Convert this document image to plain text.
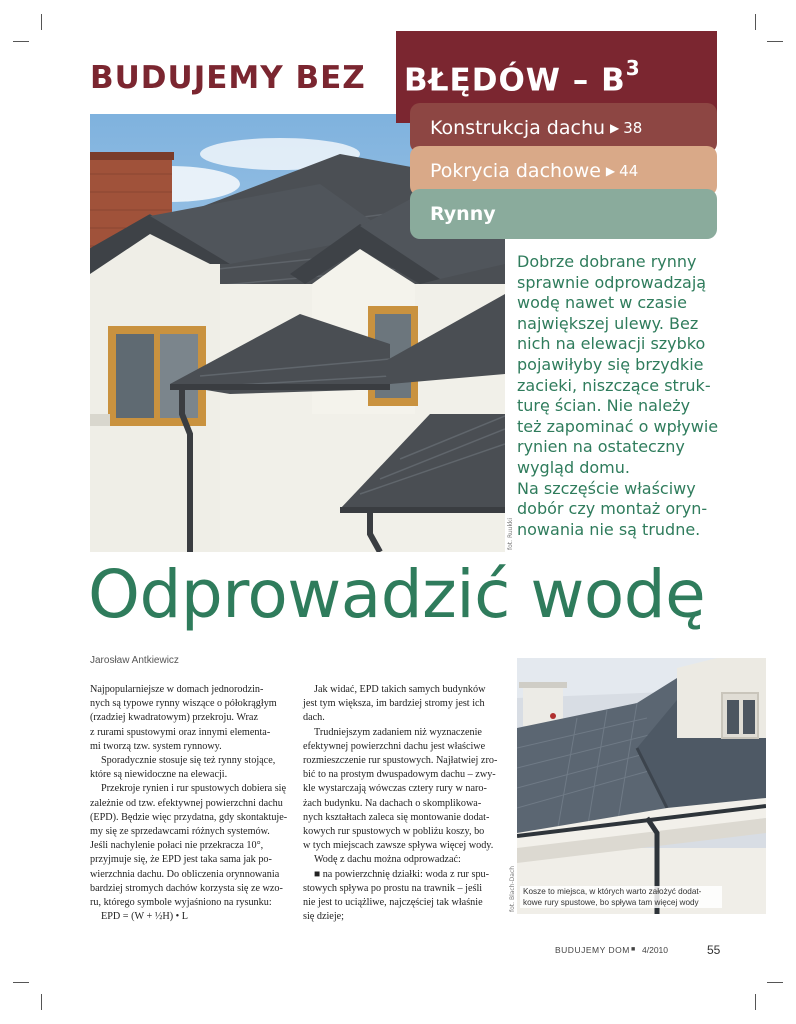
fot. Ruukki
BUDUJEMY BEZ BŁĘDÓW – $B^3$
Konstrukcja dachu ▶ 38
Pokrycia dachowe ▶ 44
Rynny
Dobrze dobrane rynny
sprawnie odprowadzają
wodę nawet w czasie
największej ulewy. Bez
nich na elewacji szybko
pojawiłyby się brzydkie
zacieki, niszczące struk-
turę ścian. Nie należy
też zapominać o wpływie
rynien na ostateczny
wygląd domu.
Na szczęście właściwy
dobór czy montaż oryn-
nowania nie są trudne.
Odprowadzić wodę
Jarosław Antkiewicz
Najpopularniejsze w domach jednorodzin-
nych są typowe rynny wiszące o półokrągłym
(rzadziej kwadratowym) przekroju. Wraz
z rurami spustowymi oraz innymi elementa-
mi tworzą tzw. system rynnowy.
Sporadycznie stosuje się też rynny stojące,
które są niewidoczne na elewacji.
Przekroje rynien i rur spustowych dobiera się
zależnie od tzw. efektywnej powierzchni dachu
(EPD). Będzie więc przydatna, gdy skontaktuje-
my się ze sprzedawcami różnych systemów.
Jeśli nachylenie połaci nie przekracza 10°,
przyjmuje się, że EPD jest taka sama jak po-
wierzchnia dachu. Do obliczenia orynnowania
bardziej stromych dachów korzysta się ze wzo-
ru, którego symbole wyjaśniono na rysunku:
EPD = (W + ½H) • L
Jak widać, EPD takich samych budynków
jest tym większa, im bardziej stromy jest ich
dach.
Trudniejszym zadaniem niż wyznaczenie
efektywnej powierzchni dachu jest właściwe
rozmieszczenie rur spustowych. Najłatwiej zro-
bić to na prostym dwuspadowym dachu – zwy-
kle wystarczają wówczas cztery rury w naro-
żach budynku. Na dachach o skomplikowa-
nych kształtach zaleca się montowanie dodat-
kowych rur spustowych w pobliżu koszy, bo
w tych miejscach zawsze spływa więcej wody.
Wodę z dachu można odprowadzać:
■ na powierzchnię działki: woda z rur spu-
stowych spływa po prostu na trawnik – jeśli
nie jest to uciążliwe, najczęściej tak właśnie
się dzieje;
fot. Blach-Dach Kosze to miejsca, w których warto założyć dodat-kowe rury spustowe, bo spływa tam więcej wody
BUDUJEMY DOM ■ 4/2010	55
